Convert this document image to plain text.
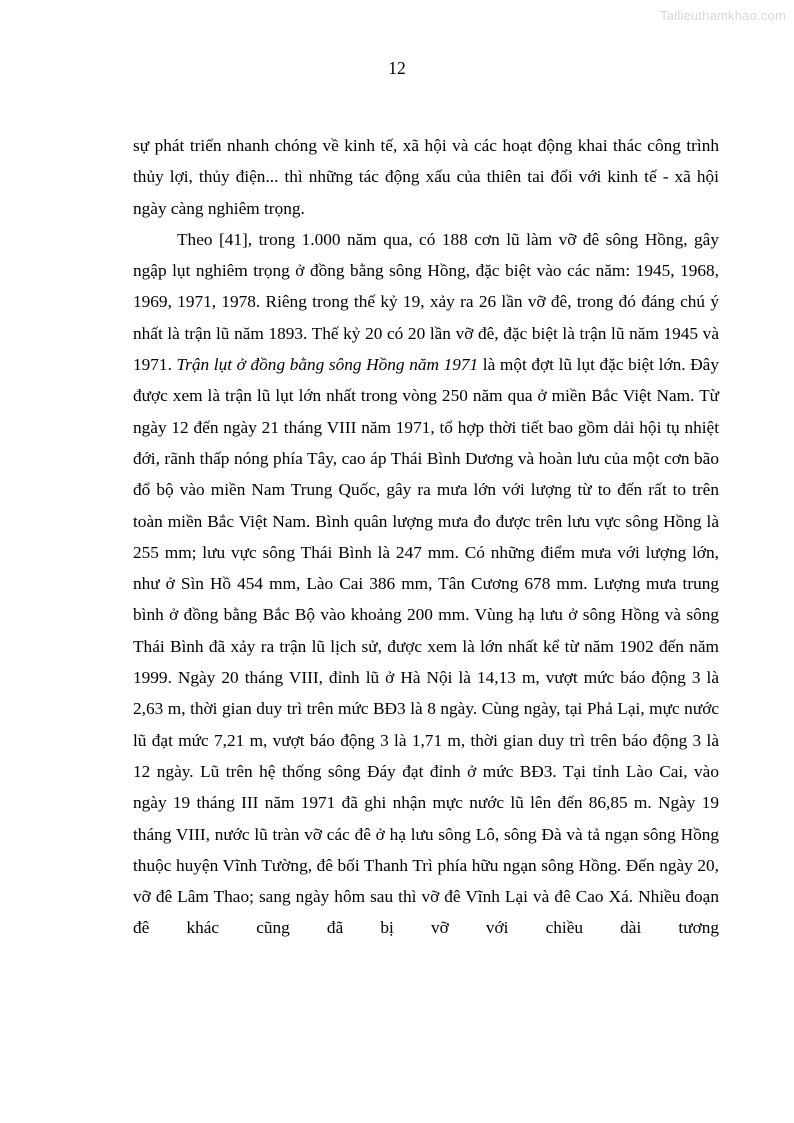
Tailieuthamkhao.com
12

sự phát triển nhanh chóng về kinh tế, xã hội và các hoạt động khai thác công trình thủy lợi, thủy điện... thì những tác động xấu của thiên tai đối với kinh tế - xã hội ngày càng nghiêm trọng.

Theo [41], trong 1.000 năm qua, có 188 cơn lũ làm vỡ đê sông Hồng, gây ngập lụt nghiêm trọng ở đồng bằng sông Hồng, đặc biệt vào các năm: 1945, 1968, 1969, 1971, 1978. Riêng trong thế kỷ 19, xảy ra 26 lần vỡ đê, trong đó đáng chú ý nhất là trận lũ năm 1893. Thế kỷ 20 có 20 lần vỡ đê, đặc biệt là trận lũ năm 1945 và 1971. Trận lụt ở đồng bằng sông Hồng năm 1971 là một đợt lũ lụt đặc biệt lớn. Đây được xem là trận lũ lụt lớn nhất trong vòng 250 năm qua ở miền Bắc Việt Nam. Từ ngày 12 đến ngày 21 tháng VIII năm 1971, tổ hợp thời tiết bao gồm dải hội tụ nhiệt đới, rãnh thấp nóng phía Tây, cao áp Thái Bình Dương và hoàn lưu của một cơn bão đổ bộ vào miền Nam Trung Quốc, gây ra mưa lớn với lượng từ to đến rất to trên toàn miền Bắc Việt Nam. Bình quân lượng mưa đo được trên lưu vực sông Hồng là 255 mm; lưu vực sông Thái Bình là 247 mm. Có những điểm mưa với lượng lớn, như ở Sìn Hồ 454 mm, Lào Cai 386 mm, Tân Cương 678 mm. Lượng mưa trung bình ở đồng bằng Bắc Bộ vào khoảng 200 mm. Vùng hạ lưu ở sông Hồng và sông Thái Bình đã xảy ra trận lũ lịch sử, được xem là lớn nhất kể từ năm 1902 đến năm 1999. Ngày 20 tháng VIII, đỉnh lũ ở Hà Nội là 14,13 m, vượt mức báo động 3 là 2,63 m, thời gian duy trì trên mức BĐ3 là 8 ngày. Cùng ngày, tại Phả Lại, mực nước lũ đạt mức 7,21 m, vượt báo động 3 là 1,71 m, thời gian duy trì trên báo động 3 là 12 ngày. Lũ trên hệ thống sông Đáy đạt đỉnh ở mức BĐ3. Tại tỉnh Lào Cai, vào ngày 19 tháng III năm 1971 đã ghi nhận mực nước lũ lên đến 86,85 m. Ngày 19 tháng VIII, nước lũ tràn vỡ các đê ở hạ lưu sông Lô, sông Đà và tả ngạn sông Hồng thuộc huyện Vĩnh Tường, đê bối Thanh Trì phía hữu ngạn sông Hồng. Đến ngày 20, vỡ đê Lâm Thao; sang ngày hôm sau thì vỡ đê Vĩnh Lại và đê Cao Xá. Nhiều đoạn đê khác cũng đã bị vỡ với chiều dài tương
